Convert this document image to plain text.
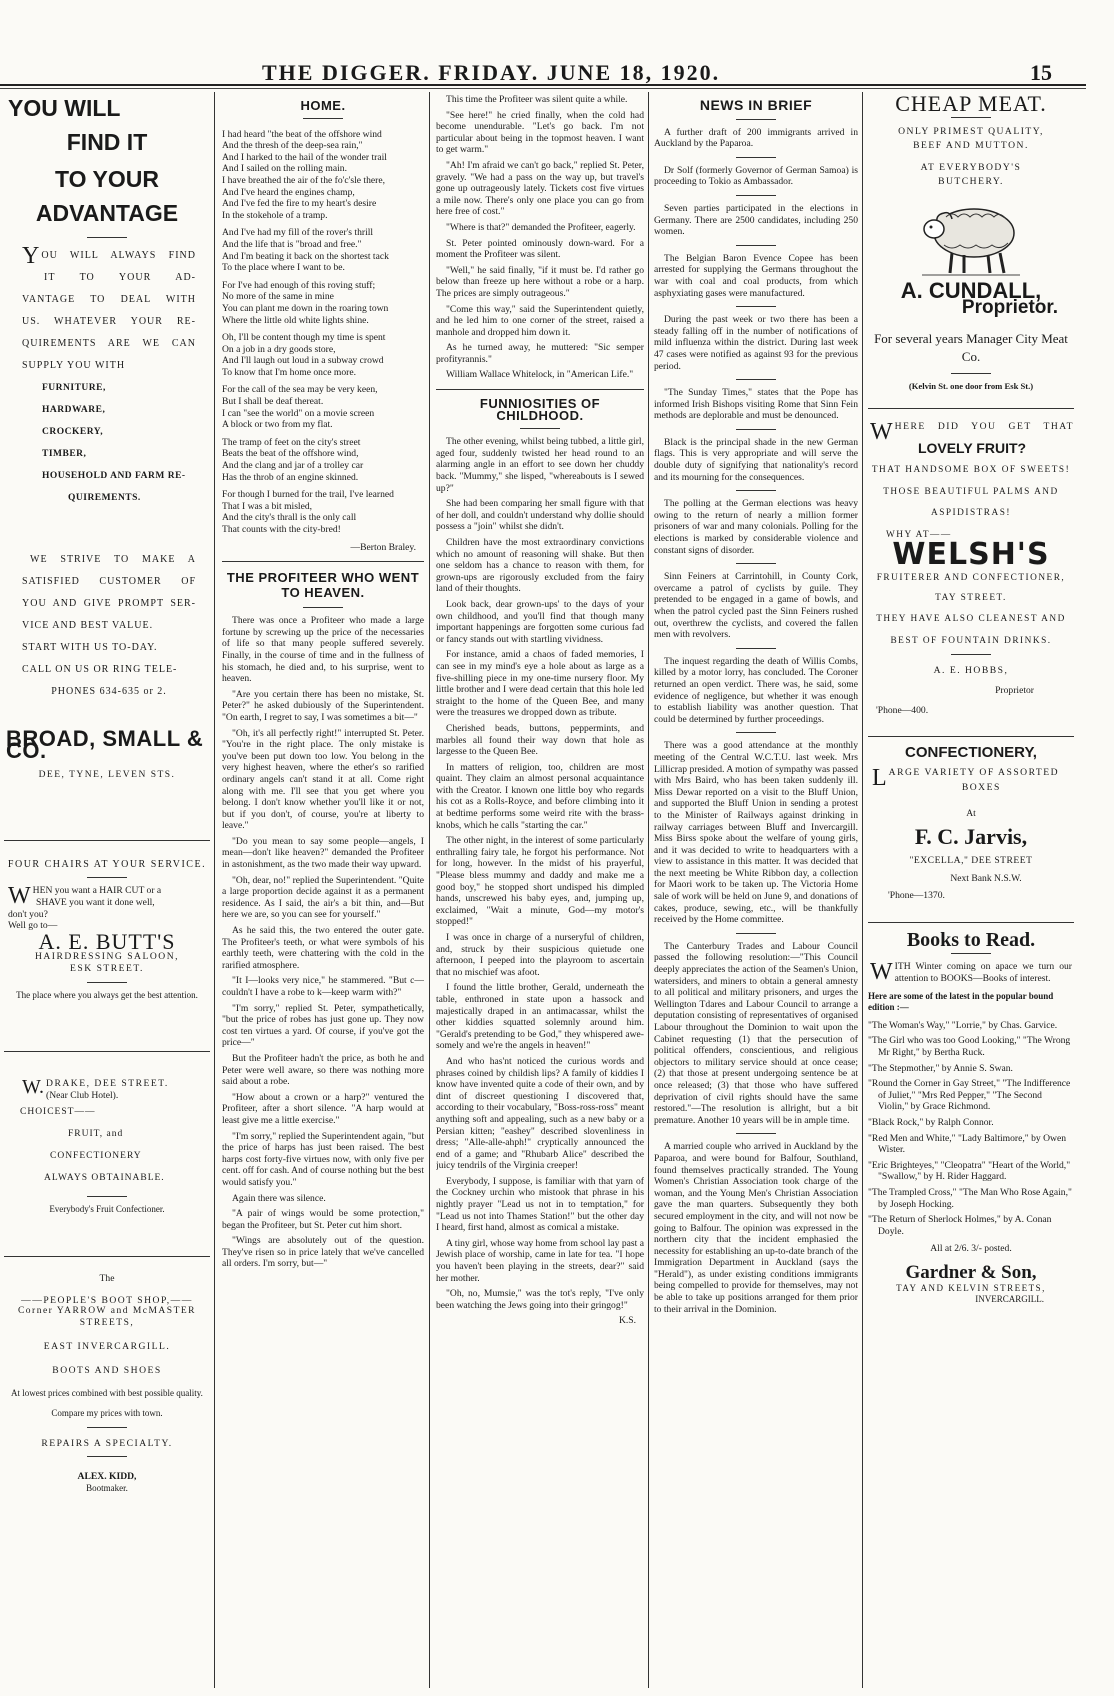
THE DIGGER. FRIDAY. JUNE 18, 1920.	15
YOU WILL
FIND IT
TO YOUR ADVANTAGE
Y OU WILL ALWAYS FIND
IT TO YOUR AD-
VANTAGE TO DEAL WITH
US. WHATEVER YOUR RE-
QUIREMENTS ARE WE CAN
SUPPLY YOU WITH
FURNITURE,
HARDWARE,
CROCKERY,
TIMBER,
HOUSEHOLD AND FARM RE-
QUIREMENTS.
WE STRIVE TO MAKE A
SATISFIED CUSTOMER OF
YOU AND GIVE PROMPT SER-
VICE AND BEST VALUE.
START WITH US TO-DAY.
CALL ON US OR RING TELE-
PHONES 634-635 or 2.
BROAD, SMALL & CO.
DEE, TYNE, LEVEN STS.
FOUR CHAIRS AT YOUR SERVICE.
W HEN you want a HAIR CUT or a
SHAVE you want it done well,
don't you?
Well go to—
A. E. BUTT'S
HAIRDRESSING SALOON,
ESK STREET.
The place where you always get the best attention.
W. DRAKE, DEE STREET.
(Near Club Hotel).
CHOICEST——
FRUIT, and
CONFECTIONERY
ALWAYS OBTAINABLE.
Everybody's Fruit Confectioner.
The
——PEOPLE'S BOOT SHOP,——
Corner YARROW and McMASTER STREETS,
EAST INVERCARGILL.
BOOTS AND SHOES
At lowest prices combined with best possible quality.
Compare my prices with town.
REPAIRS A SPECIALTY.
ALEX. KIDD,
Bootmaker.
HOME.
I had heard "the beat of the offshore wind
And the thresh of the deep-sea rain,"
And I harked to the hail of the wonder trail
And I sailed on the rolling main.
I have breathed the air of the fo'c'sle there,
And I've heard the engines champ,
And I've fed the fire to my heart's desire
In the stokehole of a tramp.
And I've had my fill of the rover's thrill
And the life that is "broad and free."
And I'm beating it back on the shortest tack
To the place where I want to be.
For I've had enough of this roving stuff;
No more of the same in mine
You can plant me down in the roaring town
Where the little old white lights shine.
Oh, I'll be content though my time is spent
On a job in a dry goods store,
And I'll laugh out loud in a subway crowd
To know that I'm home once more.
For the call of the sea may be very keen,
But I shall be deaf thereat.
I can "see the world" on a movie screen
A block or two from my flat.
The tramp of feet on the city's street
Beats the beat of the offshore wind,
And the clang and jar of a trolley car
Has the throb of an engine skinned.
For though I burned for the trail, I've learned
That I was a bit misled,
And the city's thrall is the only call
That counts with the city-bred!
—Berton Braley.
THE PROFITEER WHO WENT TO HEAVEN.

There was once a Profiteer who made a large fortune by screwing up the price of the necessaries of life so that many people suffered severely. Finally, in the course of time and in the fullness of his stomach, he died and, to his surprise, went to heaven.

"Are you certain there has been no mistake, St. Peter?" he asked dubiously of the Superintendent. "On earth, I regret to say, I was sometimes a bit—"

"Oh, it's all perfectly right!" interrupted St. Peter. "You're in the right place. The only mistake is you've been put down too low. You belong in the very highest heaven, where the ether's so rarified ordinary angels can't stand it at all. Come right along with me. I'll see that you get where you belong. I don't know whether you'll like it or not, but if you don't, of course, you're at liberty to leave."

"Do you mean to say some people—angels, I mean—don't like heaven?" demanded the Profiteer in astonishment, as the two made their way upward.

"Oh, dear, no!" replied the Superintendent. "Quite a large proportion decide against it as a permanent residence. As I said, the air's a bit thin, and—But here we are, so you can see for yourself."

As he said this, the two entered the outer gate. The Profiteer's teeth, or what were symbols of his earthly teeth, were chattering with the cold in the rarified atmosphere.

"It I—looks very nice," he stammered. "But c—couldn't I have a robe to k—keep warm with?"

"I'm sorry," replied St. Peter, sympathetically, "but the price of robes has just gone up. They now cost ten virtues a yard. Of course, if you've got the price—"

But the Profiteer hadn't the price, as both he and Peter were well aware, so there was nothing more said about a robe.

"How about a crown or a harp?" ventured the Profiteer, after a short silence. "A harp would at least give me a little exercise."

"I'm sorry," replied the Superintendent again, "but the price of harps has just been raised. The best harps cost forty-five virtues now, with only five per cent. off for cash. And of course nothing but the best would satisfy you."

Again there was silence.

"A pair of wings would be some protection," began the Profiteer, but St. Peter cut him short.

"Wings are absolutely out of the question. They've risen so in price lately that we've cancelled all orders. I'm sorry, but—"

This time the Profiteer was silent quite a while.

"See here!" he cried finally, when the cold had become unendurable. "Let's go back. I'm not particular about being in the topmost heaven. I want to get warm."

"Ah! I'm afraid we can't go back," replied St. Peter, gravely. "We had a pass on the way up, but travel's gone up outrageously lately. Tickets cost five virtues a mile now. There's only one place you can go from here free of cost."

"Where is that?" demanded the Profiteer, eagerly.

St. Peter pointed ominously down-ward. For a moment the Profiteer was silent.

"Well," he said finally, "if it must be. I'd rather go below than freeze up here without a robe or a harp. The prices are simply outrageous."

"Come this way," said the Superintendent quietly, and he led him to one corner of the street, raised a manhole and dropped him down it.

As he turned away, he muttered: "Sic semper profityrannis."

William Wallace Whitelock, in "American Life."

FUNNIOSITIES OF CHILDHOOD.

The other evening, whilst being tubbed, a little girl, aged four, suddenly twisted her head round to an alarming angle in an effort to see down her chuddy back. "Mummy," she lisped, "whereabouts is I sewed up?"

She had been comparing her small figure with that of her doll, and couldn't understand why dollie should possess a "join" whilst she didn't.

Children have the most extraordinary convictions which no amount of reasoning will shake. But then one seldom has a chance to reason with them, for grown-ups are rigorously excluded from the fairy land of their thoughts.

Look back, dear grown-ups' to the days of your own childhood, and you'll find that though many important happenings are forgotten some curious fad or fancy stands out with startling vividness.

For instance, amid a chaos of faded memories, I can see in my mind's eye a hole about as large as a five-shilling piece in my one-time nursery floor. My little brother and I were dead certain that this hole led straight to the home of the Queen Bee, and many were the treasures we dropped down as tribute.

Cherished beads, buttons, peppermints, and marbles all found their way down that hole as largesse to the Queen Bee.

In matters of religion, too, children are most quaint. They claim an almost personal acquaintance with the Creator. I known one little boy who regards his cot as a Rolls-Royce, and before climbing into it at bedtime performs some weird rite with the brass-knobs, which he calls "starting the car."

The other night, in the interest of some particularly enthralling fairy tale, he forgot his performance. Not for long, however. In the midst of his prayerful, "Please bless mummy and daddy and make me a good boy," he stopped short undisped his dimpled hands, unscrewed his baby eyes, and, jumping up, exclaimed, "Wait a minute, God—my motor's stopped!"

I was once in charge of a nurseryful of children, and, struck by their suspicious quietude one afternoon, I peeped into the playroom to ascertain that no mischief was afoot.

I found the little brother, Gerald, underneath the table, enthroned in state upon a hassock and majestically draped in an antimacassar, whilst the other kiddies squatted solemnly around him. "Gerald's pretending to be God," they whispered awe-somely and we're the angels in heaven!"

And who has'nt noticed the curious words and phrases coined by childish lips? A family of kiddies I know have invented quite a code of their own, and by dint of discreet questioning I discovered that, according to their vocabulary, "Boss-ross-ross" meant anything soft and appealing, such as a new baby or a Persian kitten; "eashey" described slovenliness in dress; "Alle-alle-ahph!" cryptically announced the end of a game; and "Rhubarb Alice" described the juicy tendrils of the Virginia creeper!

Everybody, I suppose, is familiar with that yarn of the Cockney urchin who mistook that phrase in his nightly prayer "Lead us not in to temptation," for "Lead us not into Thames Station!" but the other day I heard, first hand, almost as comical a mistake.

A tiny girl, whose way home from school lay past a Jewish place of worship, came in late for tea. "I hope you haven't been playing in the streets, dear?" said her mother.

"Oh, no, Mumsie," was the tot's reply, "I've only been watching the Jews going into their gringog!"

K.S.
NEWS IN BRIEF

A further draft of 200 immigrants arrived in Auckland by the Paparoa.

Dr Solf (formerly Governor of German Samoa) is proceeding to Tokio as Ambassador.

Seven parties participated in the elections in Germany. There are 2500 candidates, including 250 women.

The Belgian Baron Evence Copee has been arrested for supplying the Germans throughout the war with coal and coal products, from which asphyxiating gases were manufactured.

During the past week or two there has been a steady falling off in the number of notifications of mild influenza within the district. During last week 47 cases were notified as against 93 for the previous period.

"The Sunday Times," states that the Pope has informed Irish Bishops visiting Rome that Sinn Fein methods are deplorable and must be denounced.

Black is the principal shade in the new German flags. This is very appropriate and will serve the double duty of signifying that nationality's record and its mourning for the consequences.

The polling at the German elections was heavy owing to the return of nearly a million former prisoners of war and many colonials. Polling for the elections is marked by considerable violence and constant signs of disorder.

Sinn Feiners at Carrintohill, in County Cork, overcame a patrol of cyclists by guile. They pretended to be engaged in a game of bowls, and when the patrol cycled past the Sinn Feiners rushed out, overthrew the cyclists, and covered the fallen men with revolvers.

The inquest regarding the death of Willis Combs, killed by a motor lorry, has concluded. The Coroner returned an open verdict. There was, he said, some evidence of negligence, but whether it was enough to establish liability was another question. That could be determined by further proceedings.

There was a good attendance at the monthly meeting of the Central W.C.T.U. last week. Mrs Lillicrap presided. A motion of sympathy was passed with Mrs Baird, who has been taken suddenly ill. Miss Dewar reported on a visit to the Bluff Union, and supported the Bluff Union in sending a protest to the Minister of Railways against drinking in railway carriages between Bluff and Invercargill. Miss Birss spoke about the welfare of young girls, and it was decided to write to headquarters with a view to assistance in this matter. It was decided that the next meeting be White Ribbon day, a collection for Maori work to be taken up. The Victoria Home sale of work will be held on June 9, and donations of cakes, produce, sewing, etc., will be thankfully received by the Home committee.

The Canterbury Trades and Labour Council passed the following resolution:—"This Council deeply appreciates the action of the Seamen's Union, watersiders, and miners to obtain a general amnesty to all political and military prisoners, and urges the Wellington Tdares and Labour Council to arrange a deputation consisting of representatives of organised Labour throughout the Dominion to wait upon the Cabinet requesting (1) that the persecution of political offenders, conscientious, and religious objectors to military service should at once cease; (2) that those at present undergoing sentence be at once released; (3) that those who have suffered deprivation of civil rights should have the same restored."—The resolution is allright, but a bit premature. Another 10 years will be in ample time.

A married couple who arrived in Auckland by the Paparoa, and were bound for Balfour, Southland, found themselves practically stranded. The Young Women's Christian Association took charge of the woman, and the Young Men's Christian Association gave the man quarters. Subsequently they both secured employment in the city, and will not now be going to Balfour. The opinion was expressed in the northern city that the incident emphasied the necessity for establishing an up-to-date branch of the Immigration Department in Auckland (says the "Herald"), as under existing conditions immigrants being compelled to provide for themselves, may not be able to take up positions arranged for them prior to their arrival in the Dominion.

CHEAP MEAT.
ONLY PRIMEST QUALITY,
BEEF AND MUTTON.
AT EVERYBODY'S
BUTCHERY.
A. CUNDALL,
Proprietor.
For several years Manager City Meat Co.
(Kelvin St. one door from Esk St.)
W HERE DID YOU GET THAT
LOVELY FRUIT?
THAT HANDSOME BOX OF SWEETS!
THOSE BEAUTIFUL PALMS AND
ASPIDISTRAS!
WHY AT——
WELSH'S
FRUITERER AND CONFECTIONER,
TAY STREET.
THEY HAVE ALSO CLEANEST AND
BEST OF FOUNTAIN DRINKS.
A. E. HOBBS,
Proprietor
'Phone—400.
CONFECTIONERY,
L ARGE VARIETY OF ASSORTED
BOXES
At
F. C. Jarvis,
"EXCELLA," DEE STREET
Next Bank N.S.W.
'Phone—1370.
Books to Read.
W ITH Winter coming on apace we turn our attention to BOOKS—Books of interest.
Here are some of the latest in the popular bound edition :—
"The Woman's Way," "Lorrie," by Chas. Garvice.
"The Girl who was too Good Looking," "The Wrong Mr Right," by Bertha Ruck.
"The Stepmother," by Annie S. Swan.
"Round the Corner in Gay Street," "The Indifference of Juliet," "Mrs Red Pepper," "The Second Violin," by Grace Richmond.
"Black Rock," by Ralph Connor.
"Red Men and White," "Lady Baltimore," by Owen Wister.
"Eric Brighteyes," "Cleopatra" "Heart of the World," "Swallow," by H. Rider Haggard.
"The Trampled Cross," "The Man Who Rose Again," by Joseph Hocking.
"The Return of Sherlock Holmes," by A. Conan Doyle.
All at 2/6. 3/- posted.
Gardner & Son,
TAY AND KELVIN STREETS,
INVERCARGILL.
